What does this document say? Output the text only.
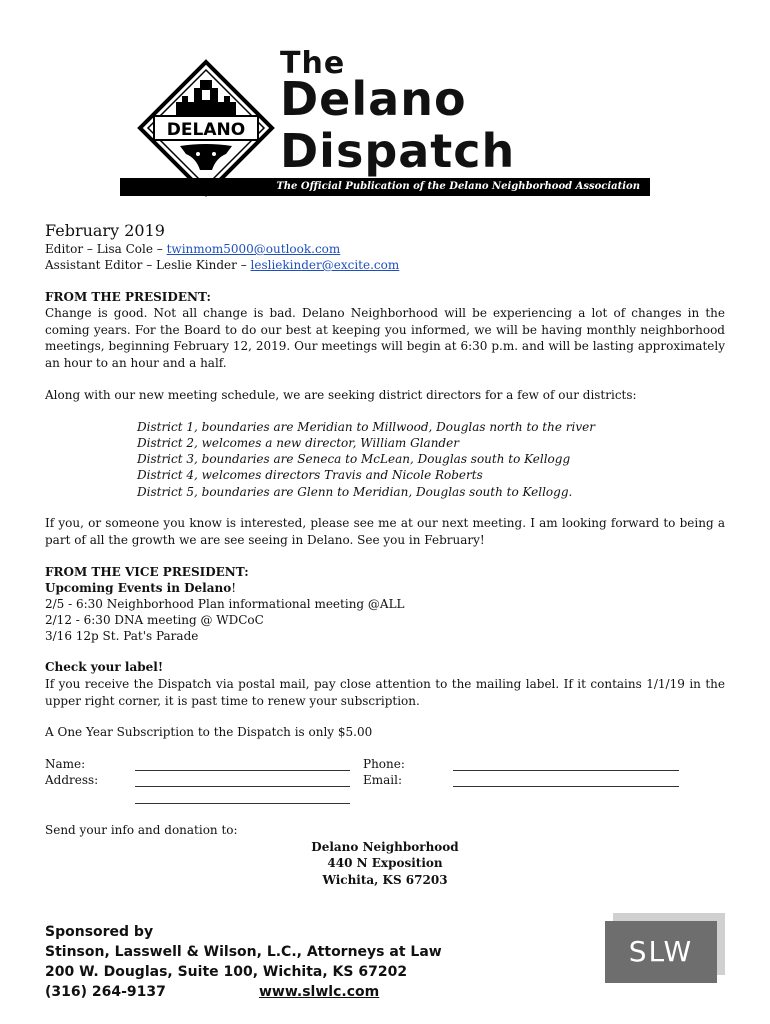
DELANO
The
Delano
Dispatch
The Official Publication of the Delano Neighborhood Association
February 2019
Editor – Lisa Cole – twinmom5000@outlook.com
Assistant Editor – Leslie Kinder – lesliekinder@excite.com
FROM THE PRESIDENT:
Change is good. Not all change is bad. Delano Neighborhood will be experiencing a lot of changes in the coming years. For the Board to do our best at keeping you informed, we will be having monthly neighborhood meetings, beginning February 12, 2019. Our meetings will begin at 6:30 p.m. and will be lasting approximately an hour to an hour and a half.
Along with our new meeting schedule, we are seeking district directors for a few of our districts:
District 1, boundaries are Meridian to Millwood, Douglas north to the river
District 2, welcomes a new director, William Glander
District 3, boundaries are Seneca to McLean, Douglas south to Kellogg
District 4, welcomes directors Travis and Nicole Roberts
District 5, boundaries are Glenn to Meridian, Douglas south to Kellogg.
If you, or someone you know is interested, please see me at our next meeting. I am looking forward to being a part of all the growth we are see seeing in Delano. See you in February!
FROM THE VICE PRESIDENT:
Upcoming Events in Delano!
2/5 - 6:30 Neighborhood Plan informational meeting @ALL
2/12 - 6:30 DNA meeting @ WDCoC
3/16 12p St. Pat's Parade
Check your label!
If you receive the Dispatch via postal mail, pay close attention to the mailing label. If it contains 1/1/19 in the upper right corner, it is past time to renew your subscription.
A One Year Subscription to the Dispatch is only $5.00
Name:	Phone:
Address:	Email:
Send your info and donation to:
Delano Neighborhood
440 N Exposition
Wichita, KS 67203
Sponsored by
Stinson, Lasswell & Wilson, L.C., Attorneys at Law
200 W. Douglas, Suite 100, Wichita, KS 67202
(316) 264-9137	www.slwlc.com
SLW
